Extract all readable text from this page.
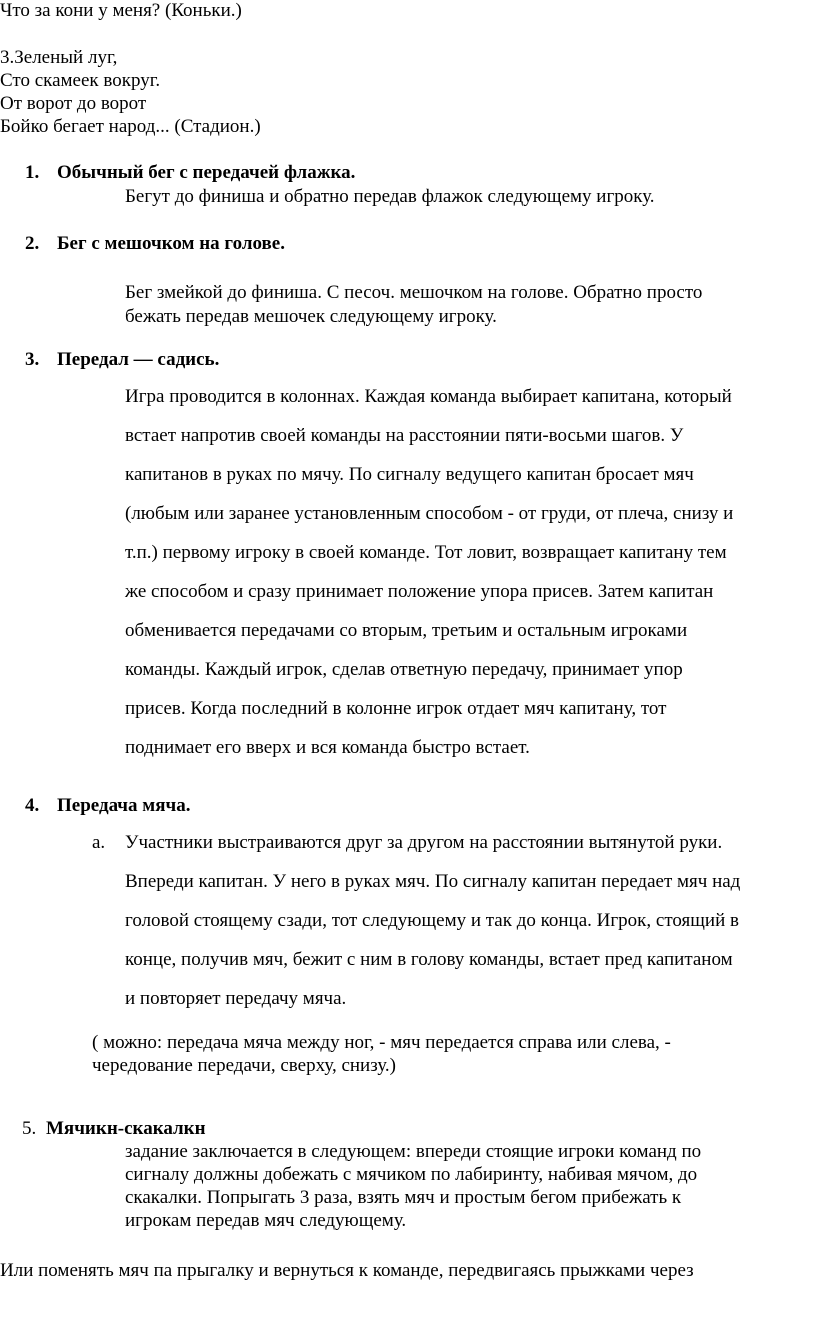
Что за кони у меня? (Коньки.)
3.Зеленый луг,
Сто скамеек вокруг.
От ворот до ворот
Бойко бегает народ... (Стадион.)
1. Обычный бег с передачей флажка.
Бегут до финиша и обратно передав флажок следующему игроку.
2. Бег с мешочком на голове.
Бег змейкой до финиша. С песоч. мешочком на голове. Обратно просто
бежать передав мешочек следующему игроку.
3. Передал — садись.
Игра проводится в колоннах. Каждая команда выбирает капитана, который
встает напротив своей команды на расстоянии пяти-восьми шагов. У
капитанов в руках по мячу. По сигналу ведущего капитан бросает мяч
(любым или заранее установленным способом - от груди, от плеча, снизу и
т.п.) первому игроку в своей команде. Тот ловит, возвращает капитану тем
же способом и сразу принимает положение упора присев. Затем капитан
обменивается передачами со вторым, третьим и остальным игроками
команды. Каждый игрок, сделав ответную передачу, принимает упор
присев. Когда последний в колонне игрок отдает мяч капитану, тот
поднимает его вверх и вся команда быстро встает.
4. Передача мяча.
a. Участники выстраиваются друг за другом на расстоянии вытянутой руки.
Впереди капитан. У него в руках мяч. По сигналу капитан передает мяч над
головой стоящему сзади, тот следующему и так до конца. Игрок, стоящий в
конце, получив мяч, бежит с ним в голову команды, встает пред капитаном
и повторяет передачу мяча.
( можно: передача мяча между ног, - мяч передается справа или слева, -
чередование передачи, сверху, снизу.)
5. Мячикн-скакалкн
задание заключается в следующем: впереди стоящие игроки команд по
сигналу должны добежать с мячиком по лабиринту, набивая мячом, до
скакалки. Попрыгать 3 раза, взять мяч и простым бегом прибежать к
игрокам передав мяч следующему.
Или поменять мяч па прыгалку и вернуться к команде, передвигаясь прыжками через
